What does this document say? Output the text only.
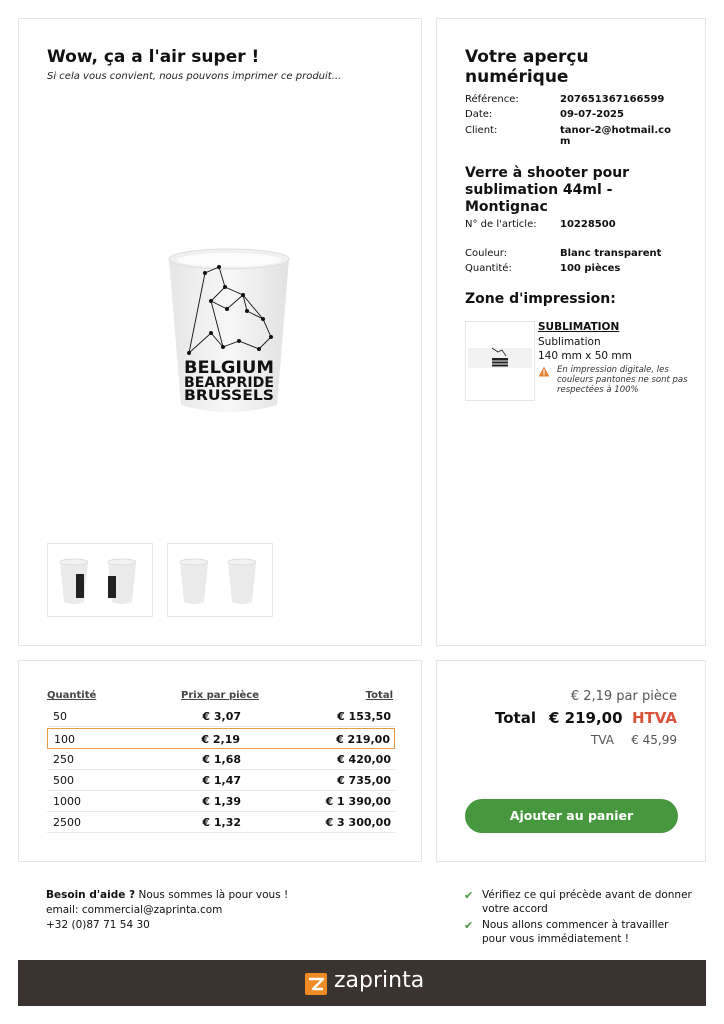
Wow, ça a l'air super !
Si cela vous convient, nous pouvons imprimer ce produit...
BELGIUM
BEARPRIDE
BRUSSELS
Votre aperçu numérique
Référence:	207651367166599
Date:	09-07-2025
Client:	tanor-2@hotmail.com
Verre à shooter pour sublimation 44ml - Montignac
N° de l'article:	10228500
Couleur:	Blanc transparent
Quantité:	100 pièces
Zone d'impression:
SUBLIMATION
Sublimation
140 mm x 50 mm
En impression digitale, les couleurs pantones ne sont pas respectées à 100%
Quantité	Prix par pièce	Total
50	€ 3,07	€ 153,50
100	€ 2,19	€ 219,00
250	€ 1,68	€ 420,00
500	€ 1,47	€ 735,00
1000	€ 1,39	€ 1 390,00
2500	€ 1,32	€ 3 300,00
€ 2,19 par pièce
Total € 219,00 HTVA
TVA € 45,99
Ajouter au panier
Besoin d'aide ? Nous sommes là pour vous !
email: commercial@zaprinta.com
+32 (0)87 71 54 30
✔ Vérifiez ce qui précède avant de donner votre accord
✔ Nous allons commencer à travailler pour vous immédiatement !
zaprinta
